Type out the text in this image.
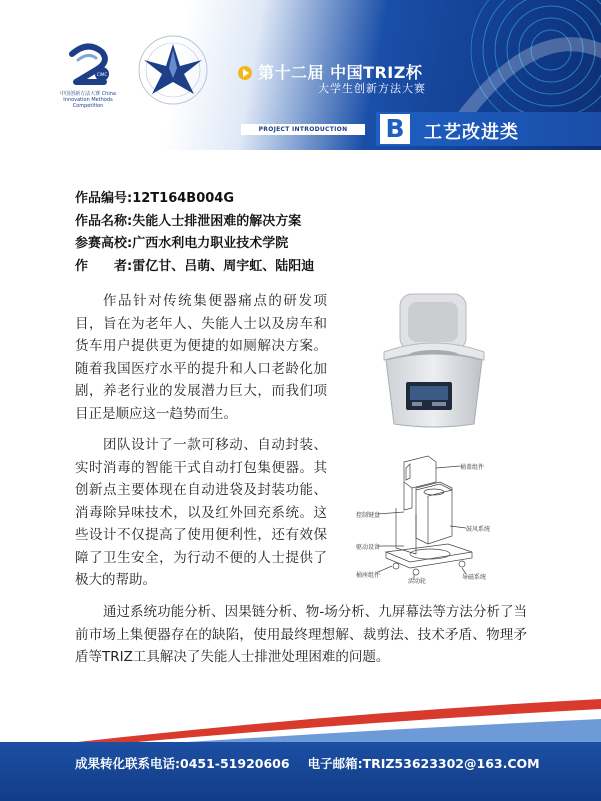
CIMC
中国创新方法大赛 China Innovation Methods Competition
第十二届 中国TRIZ杯
大学生创新方法大赛
PROJECT INTRODUCTION	B	工艺改进类
作品编号:12T164B004G
作品名称:失能人士排泄困难的解决方案
参赛高校:广西水利电力职业技术学院
作 者:雷亿甘、吕萌、周宇虹、陆阳迪
作品针对传统集便器痛点的研发项目，旨在为老年人、失能人士以及房车和货车用户提供更为便捷的如厕解决方案。随着我国医疗水平的提升和人口老龄化加剧，养老行业的发展潜力巨大，而我们项目正是顺应这一趋势而生。
团队设计了一款可移动、自动封装、实时消毒的智能干式自动打包集便器。其创新点主要体现在自动进袋及封装功能、消毒除异味技术，以及红外回充系统。这些设计不仅提高了使用便利性，还有效保障了卫生安全，为行动不便的人士提供了极大的帮助。
通过系统功能分析、因果链分析、物-场分析、九屏幕法等方法分析了当前市场上集便器存在的缺陷，使用最终理想解、裁剪法、技术矛盾、物理矛盾等TRIZ工具解决了失能人士排泄处理困难的问题。
桶盖组件
控制键盘
鼓风系统
驱动设备
桶座组件
活动轮
导磁系统
成果转化联系电话:0451-51920606 电子邮箱:TRIZ53623302@163.COM
